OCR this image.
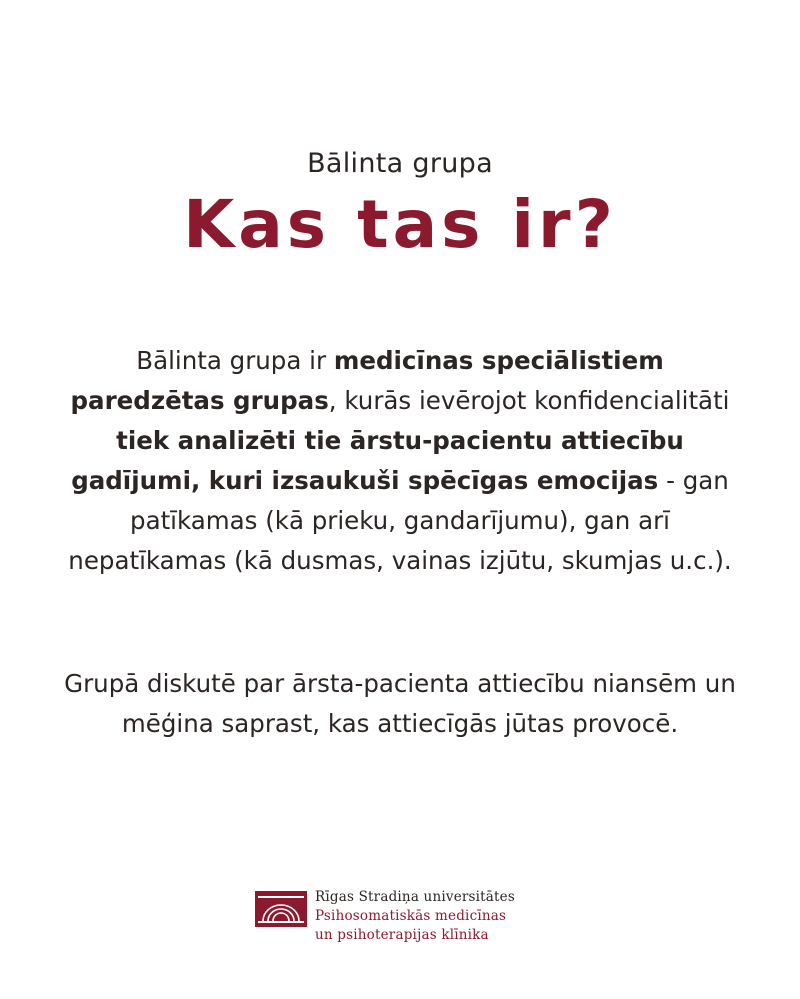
Bālinta grupa
Kas tas ir?

Bālinta grupa ir medicīnas speciālistiem paredzētas grupas, kurās ievērojot konfidencialitāti tiek analizēti tie ārstu-pacientu attiecību gadījumi, kuri izsaukuši spēcīgas emocijas - gan patīkamas (kā prieku, gandarījumu), gan arī nepatīkamas (kā dusmas, vainas izjūtu, skumjas u.c.).

Grupā diskutē par ārsta-pacienta attiecību niansēm un mēģina saprast, kas attiecīgās jūtas provocē.

Rīgas Stradiņa universitātes
Psihosomatiskās medicīnas
un psihoterapijas klīnika
